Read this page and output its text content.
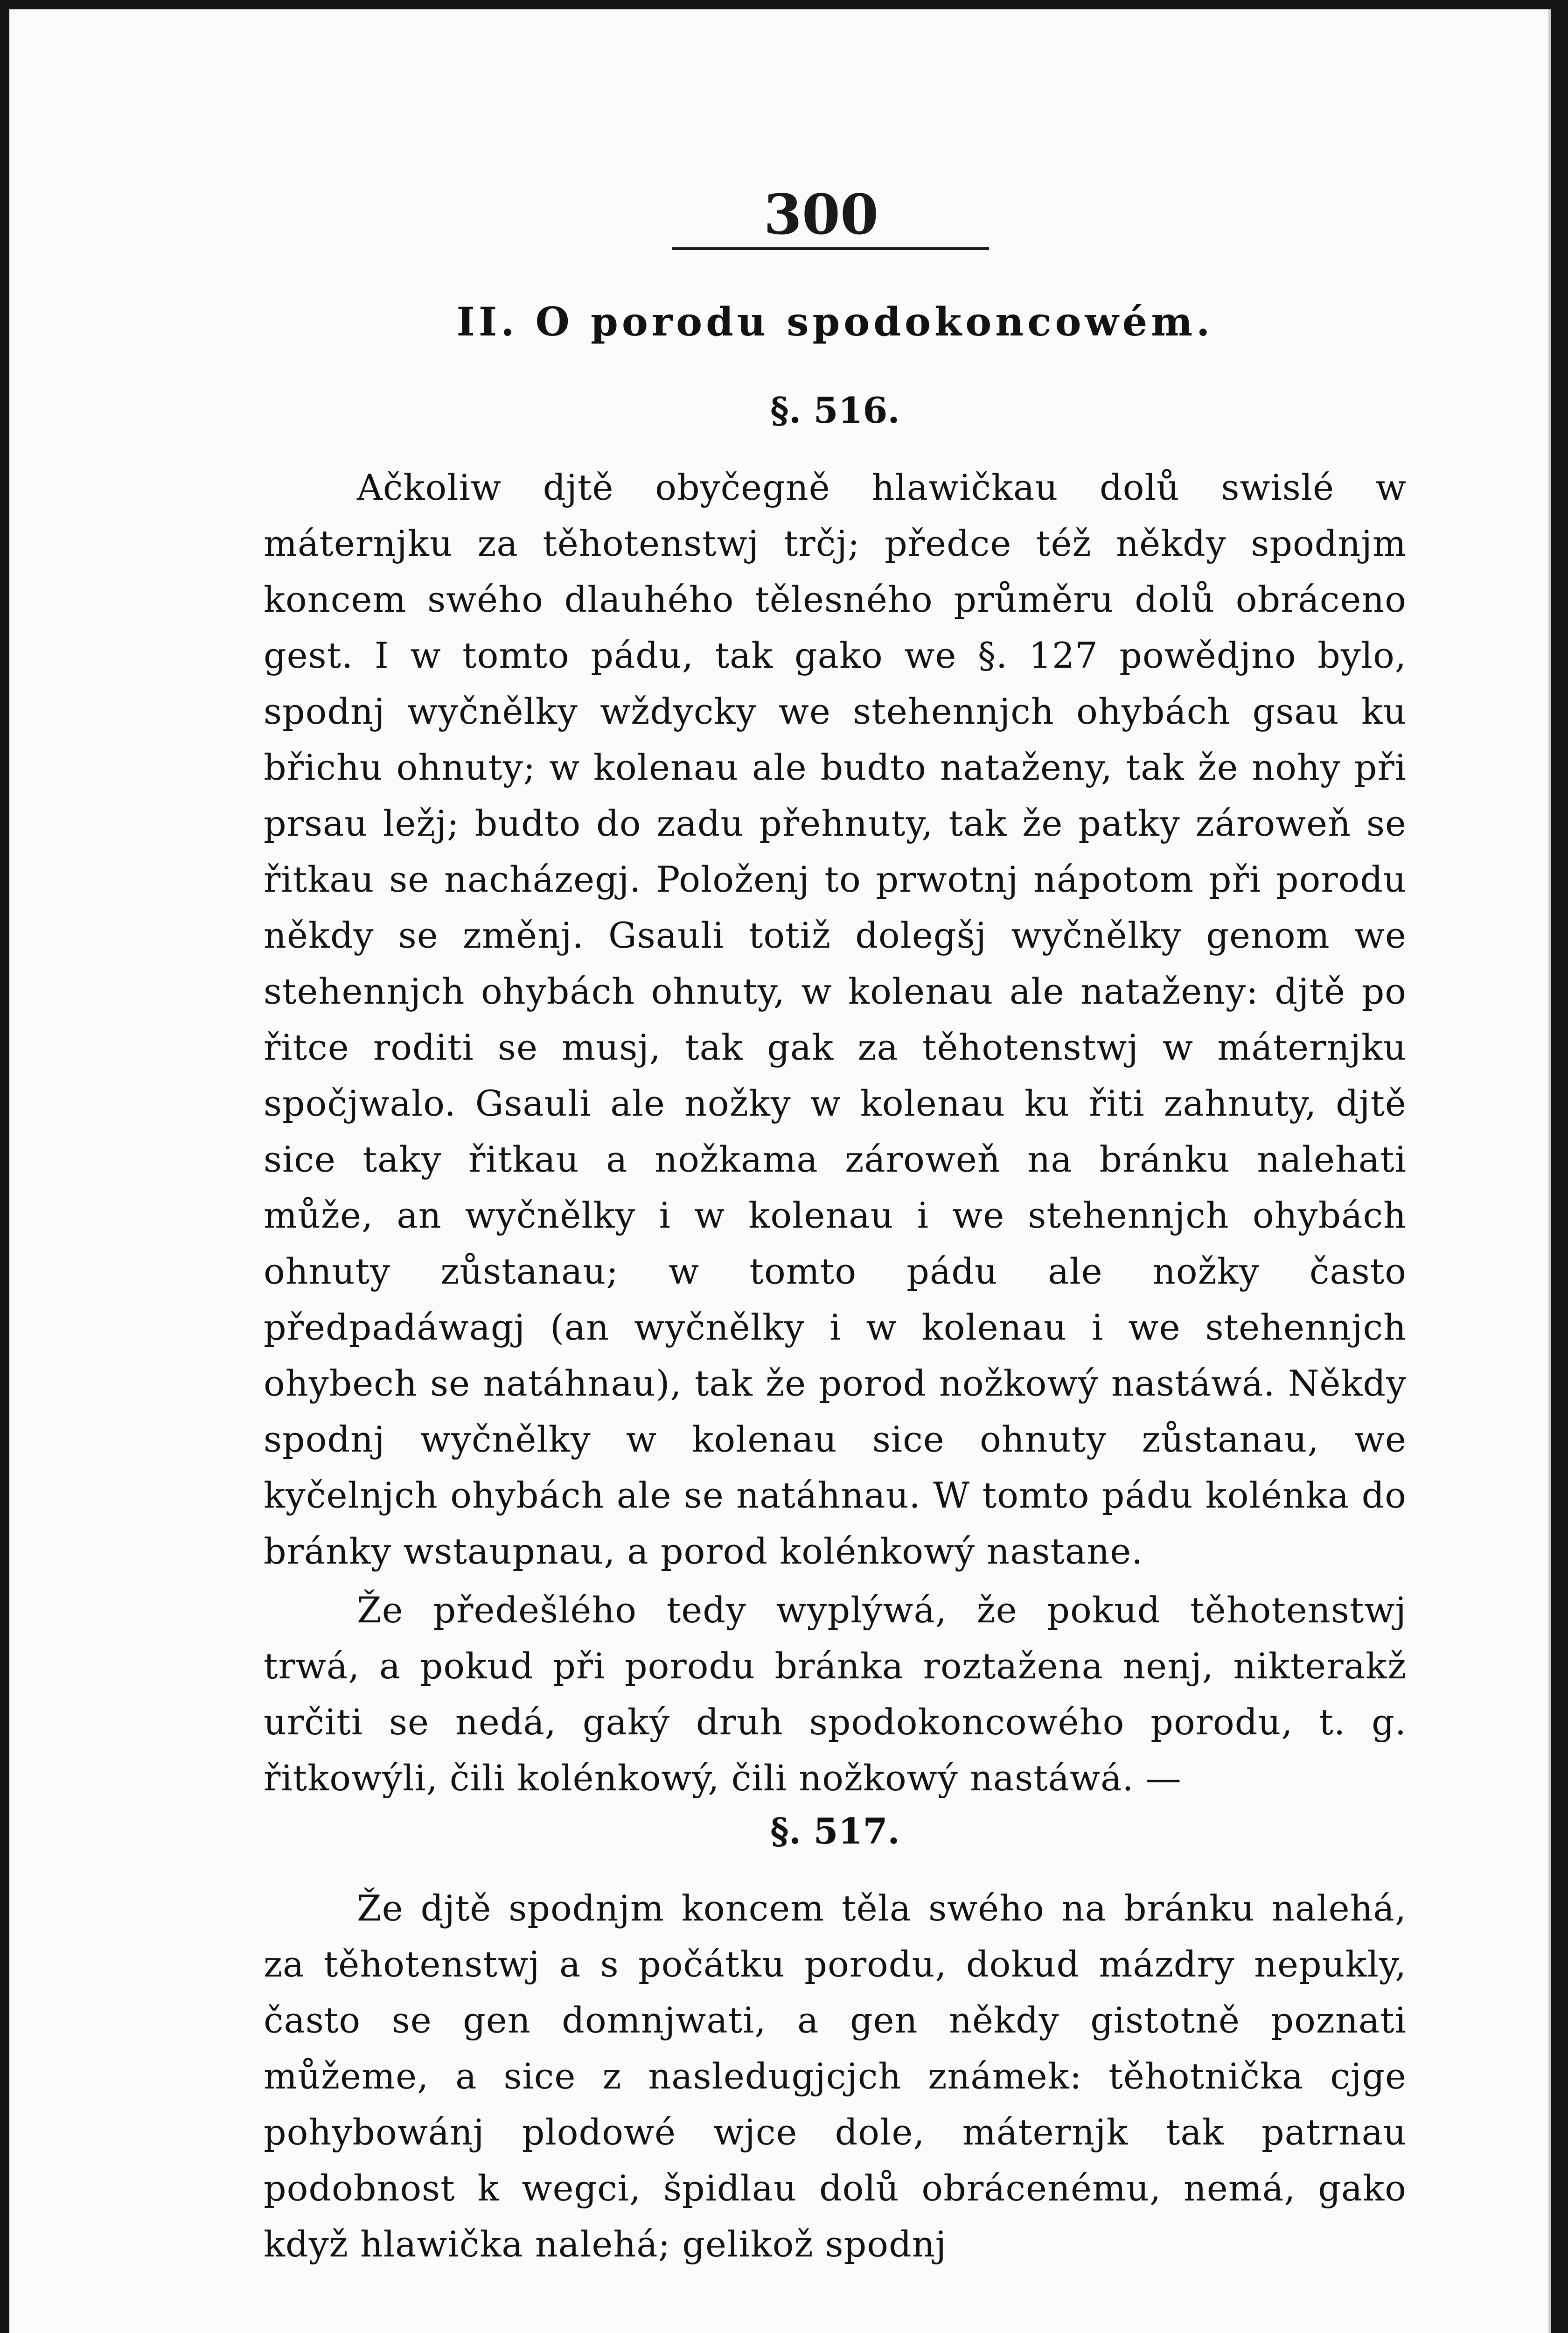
300
II. O porodu spodokoncowém.
§. 516.

Ačkoliw djtě obyčegně hlawičkau dolů swislé w máternjku za těhotenstwj trčj; předce též někdy spodnjm koncem swého dlauhého tělesného průměru dolů obráceno gest. I w tomto pádu, tak gako we §. 127 powědjno bylo, spodnj wyčnělky wždycky we stehennjch ohybách gsau ku břichu ohnuty; w kolenau ale budto nataženy, tak že nohy při prsau ležj; budto do zadu přehnuty, tak že patky zároweň se řitkau se nacházegj. Položenj to prwotnj nápotom při porodu někdy se změnj. Gsauli totiž dolegšj wyčnělky genom we stehennjch ohybách ohnuty, w kolenau ale nataženy: djtě po řitce roditi se musj, tak gak za těhotenstwj w máternjku spočjwalo. Gsauli ale nožky w kolenau ku řiti zahnuty, djtě sice taky řitkau a nožkama zároweň na bránku nalehati může, an wyčnělky i w kolenau i we stehennjch ohybách ohnuty zůstanau; w tomto pádu ale nožky často předpadáwagj (an wyčnělky i w kolenau i we stehennjch ohybech se natáhnau), tak že porod nožkowý nastáwá. Někdy spodnj wyčnělky w kolenau sice ohnuty zůstanau, we kyčelnjch ohybách ale se natáhnau. W tomto pádu kolénka do bránky wstaupnau, a porod kolénkowý nastane.

Že předešlého tedy wyplýwá, že pokud těhotenstwj trwá, a pokud při porodu bránka roztažena nenj, nikterakž určiti se nedá, gaký druh spodokoncowého porodu, t. g. řitkowýli, čili kolénkowý, čili nožkowý nastáwá. —

§. 517.

Že djtě spodnjm koncem těla swého na bránku nalehá, za těhotenstwj a s počátku porodu, dokud mázdry nepukly, často se gen domnjwati, a gen někdy gistotně poznati můžeme, a sice z nasledugjcjch známek: těhotnička cjge pohybowánj plodowé wjce dole, máternjk tak patrnau podobnost k wegci, špidlau dolů obrácenému, nemá, gako když hlawička nalehá; gelikož spodnj
